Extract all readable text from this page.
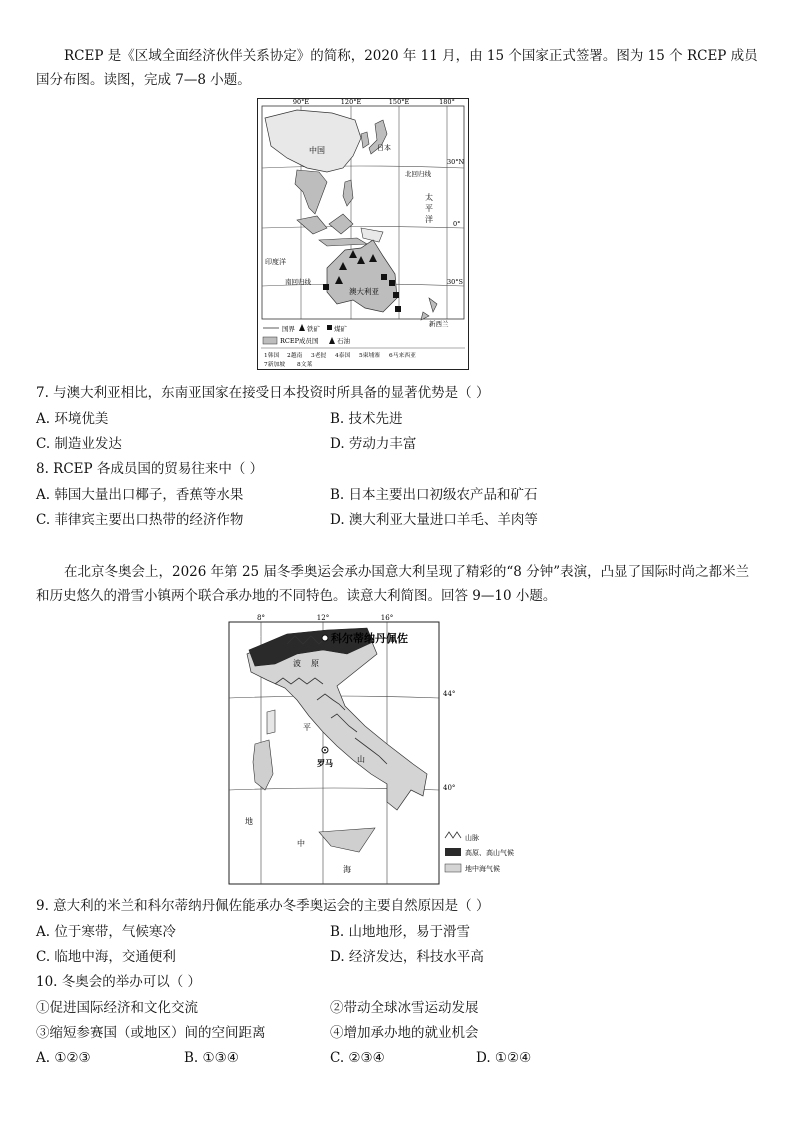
RCEP 是《区域全面经济伙伴关系协定》的简称，2020 年 11 月，由 15 个国家正式签署。图为 15 个 RCEP 成员国分布图。读图，完成 7—8 小题。

90°E	120°E	150°E	180°
30°N
0°
30°S
中国	日本
北回归线
太
平
洋
印度洋
南回归线
澳大利亚
新西兰
国界 铁矿 煤矿
RCEP成员国	石油
1韩国 2越南 3老挝 4泰国 5柬埔寨 6马来西亚
7新加坡 8文莱
7. 与澳大利亚相比，东南亚国家在接受日本投资时所具备的显著优势是（ ）
A. 环境优美	B. 技术先进
C. 制造业发达	D. 劳动力丰富
8. RCEP 各成员国的贸易往来中（ ）
A. 韩国大量出口椰子，香蕉等水果	B. 日本主要出口初级农产品和矿石
C. 菲律宾主要出口热带的经济作物	D. 澳大利亚大量进口羊毛、羊肉等

在北京冬奥会上，2026 年第 25 届冬季奥运会承办国意大利呈现了精彩的“8 分钟”表演，凸显了国际时尚之都米兰和历史悠久的滑雪小镇两个联合承办地的不同特色。读意大利简图。回答 9—10 小题。

8°	12°	16°
44°
40°
阿尔卑斯山	科尔蒂纳丹佩佐
波
平
原
罗马	山
地
中
海
山脉
高原、高山气候
地中海气候
9. 意大利的米兰和科尔蒂纳丹佩佐能承办冬季奥运会的主要自然原因是（ ）
A. 位于寒带，气候寒冷	B. 山地地形，易于滑雪
C. 临地中海，交通便利	D. 经济发达，科技水平高
10. 冬奥会的举办可以（ ）
①促进国际经济和文化交流	②带动全球冰雪运动发展
③缩短参赛国（或地区）间的空间距离	④增加承办地的就业机会
A. ①②③	B. ①③④	C. ②③④	D. ①②④
